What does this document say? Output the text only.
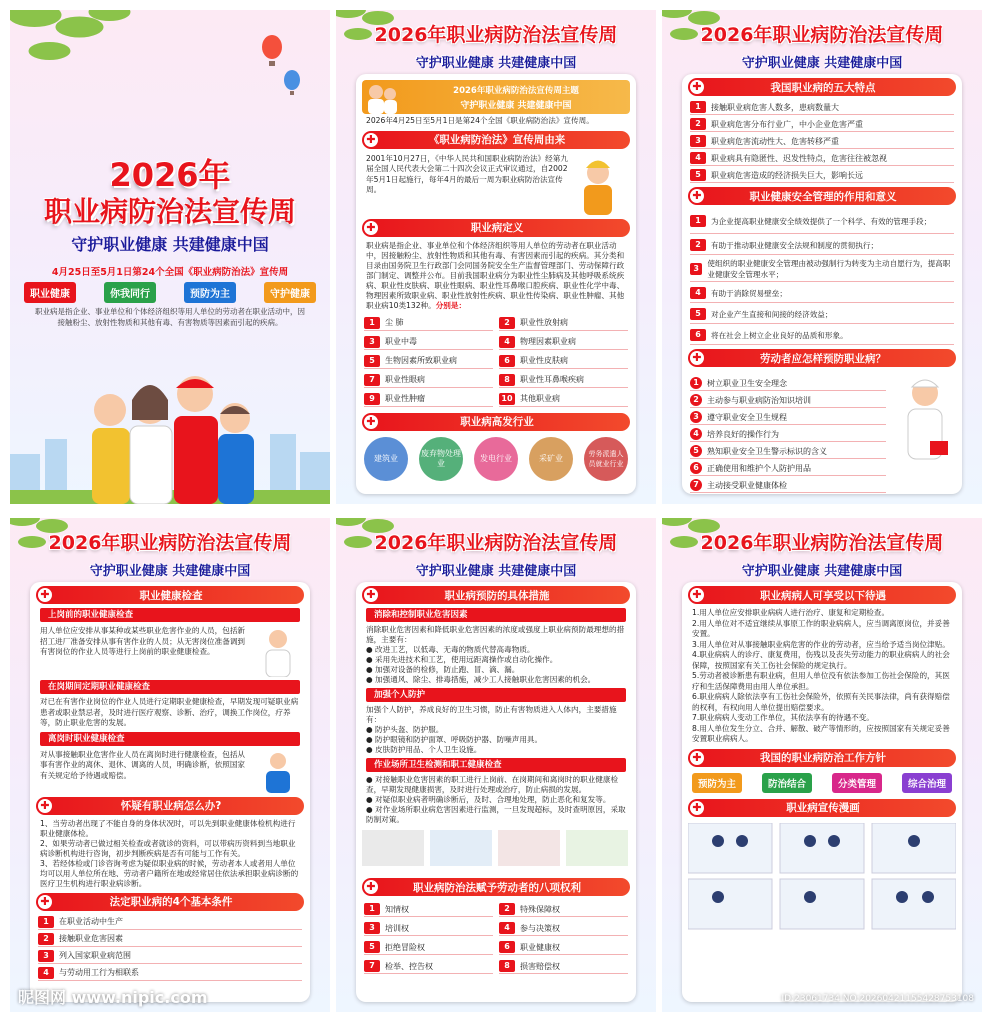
2026年
职业病防治法宣传周
守护职业健康 共建健康中国
4月25日至5月1日第24个全国《职业病防治法》宣传周
职业健康	你我同行	预防为主	守护健康
职业病是指企业、事业单位和个体经济组织等用人单位的劳动者在职业活动中，因接触粉尘、放射性物质和其他有毒、有害物质等因素而引起的疾病。
2026年职业病防治法宣传周
守护职业健康 共建健康中国
2026年职业病防治法宣传周主题
守护职业健康 共建健康中国
2026年4月25日至5月1日是第24个全国《职业病防治法》宣传周。
✚	《职业病防治法》宣传周由来
2001年10月27日，《中华人民共和国职业病防治法》经第九届全国人民代表大会第二十四次会议正式审议通过，自2002年5月1日起施行，每年4月的最后一周为职业病防治法宣传周。
✚	职业病定义
职业病是指企业、事业单位和个体经济组织等用人单位的劳动者在职业活动中，因接触粉尘、放射性物质和其他有毒、有害因素而引起的疾病。其分类和目录由国务院卫生行政部门会同国务院安全生产监督管理部门、劳动保障行政部门制定、调整并公布。目前我国职业病分为职业性尘肺病及其他呼吸系统疾病、职业性皮肤病、职业性眼病、职业性耳鼻喉口腔疾病、职业性化学中毒、物理因素所致职业病、职业性放射性疾病、职业性传染病、职业性肿瘤、其他职业病10类132种。分别是：
1	尘 肺	2	职业性放射病
3	职业中毒	4	物理因素职业病
5	生物因素所致职业病	6	职业性皮肤病
7	职业性眼病	8	职业性耳鼻喉疾病
9	职业性肿瘤	10 其他职业病
✚	职业病高发行业
建筑业
废弃物处理业
发电行业	采矿业	劳务派遣人员就业行业
2026年职业病防治法宣传周
守护职业健康 共建健康中国
✚	我国职业病的五大特点
1	接触职业病危害人数多，患病数量大
2	职业病危害分布行业广，中小企业危害严重
3	职业病危害流动性大、危害转移严重
4	职业病具有隐匿性、迟发性特点，危害往往被忽视
5	职业病危害造成的经济损失巨大，影响长远
✚	职业健康安全管理的作用和意义
1	为企业提高职业健康安全绩效提供了一个科学、有效的管理手段；
2	有助于推动职业健康安全法规和制度的贯彻执行；
3
使组织的职业健康安全管理由被动强制行为转变为主动自愿行为，提高职业健康安全管理水平；
4	有助于消除贸易壁垒；
5	对企业产生直接和间接的经济效益；
6	将在社会上树立企业良好的品质和形象。
✚	劳动者应怎样预防职业病？
1	树立职业卫生安全理念
2	主动参与职业病防治知识培训
3	遵守职业安全卫生规程
4	培养良好的操作行为
5	熟知职业安全卫生警示标识的含义
6	正确使用和维护个人防护用品
7	主动接受职业健康体检
2026年职业病防治法宣传周
守护职业健康 共建健康中国
✚	职业健康检查
上岗前的职业健康检查
用人单位应安排从事某种或某些职业危害作业的人员，包括新招工进厂准备安排从事有害作业的人员；从无害岗位准备调到有害岗位的作业人员等进行上岗前的职业健康检查。
在岗期间定期职业健康检查
对已在有害作业岗位的作业人员进行定期职业健康检查，早期发现可疑职业病患者或职业禁忌者，及时进行医疗观察、诊断、治疗，调换工作岗位，疗养等，防止职业危害的发展。
离岗时职业健康检查
对从事接触职业危害作业人员在离岗时进行健康检查，包括从事有害作业的离休、退休、调离的人员，明确诊断，依照国家有关规定给予待遇或赔偿。
✚	怀疑有职业病怎么办?
1、当劳动者出现了不能自身的身体状况时，可以先到职业健康体检机构进行职业健康体检。
2、如果劳动者已做过相关检查或者就诊的资料，可以带病历资料到当地职业病诊断机构进行咨询，初步判断疾病是否有可能与工作有关。
3、若经体检或门诊咨询考虑为疑似职业病的时候，劳动者本人或者用人单位均可以用人单位所在地、劳动者户籍所在地或经常居住依法承担职业病诊断的医疗卫生机构进行职业病诊断。
✚	法定职业病的4个基本条件
1	在职业活动中生产
2	接触职业危害因素
3	列入国家职业病范围
4	与劳动用工行为相联系
昵图网 www.nipic.com
2026年职业病防治法宣传周
守护职业健康 共建健康中国
✚	职业病预防的具体措施
消除和控制职业危害因素
消除职业危害因素和降低职业危害因素的浓度或强度上职业病预防最理想的措施，主要有：
● 改进工艺，以低毒、无毒的物质代替高毒物质。
● 采用先进技术和工艺，使用远距离操作或自动化操作。
● 加强对设备的检修，防止跑、冒、滴、漏。
● 加强通风、除尘、排毒措施，减少工人接触职业危害因素的机会。
加强个人防护
加强个人防护，养成良好的卫生习惯，防止有害物质进入人体内，主要措施有：
● 防护头盔、防护服。
● 防护眼镜和防护面罩、呼吸防护器、防噪声用具。
● 皮肤防护用品、个人卫生设施。
作业场所卫生检测和职工健康检查
● 对接触职业危害因素的职工进行上岗前、在岗期间和离岗时的职业健康检查，早期发现健康损害，及时进行处理或治疗，防止病损的发展。
● 对疑似职业病者明确诊断后，及时、合理地处理，防止恶化和复发等。
● 对作业场所职业病危害因素进行监测，一旦发现超标，及时查明原因，采取防制对策。
✚	职业病防治法赋予劳动者的八项权利
1	知情权	2	特殊保障权
3	培训权	4	参与决策权
5	拒绝冒险权	6	职业健康权
7	检举、控告权	8	损害赔偿权
2026年职业病防治法宣传周
守护职业健康 共建健康中国
✚	职业病病人可享受以下待遇
1.用人单位应安排职业病病人进行治疗、康复和定期检查。
2.用人单位对不适宜继续从事原工作的职业病病人，应当调离原岗位，并妥善安置。
3.用人单位对从事接触职业病危害的作业的劳动者，应当给予适当岗位津贴。
4.职业病病人的诊疗、康复费用，伤残以及丧失劳动能力的职业病病人的社会保障，按照国家有关工伤社会保险的规定执行。
5.劳动者被诊断患有职业病，但用人单位没有依法参加工伤社会保险的，其医疗和生活保障费用由用人单位承担。
6.职业病病人除依法享有工伤社会保险外，依照有关民事法律，尚有获得赔偿的权利，有权向用人单位提出赔偿要求。
7.职业病病人变动工作单位，其依法享有的待遇不变。
8.用人单位发生分立、合并、解散、破产等情形的，应按照国家有关规定妥善安置职业病病人。
✚	我国的职业病防治工作方针
预防为主	防治结合	分类管理	综合治理
✚	职业病宣传漫画
ID:23061734 NO:20260421155428753108
